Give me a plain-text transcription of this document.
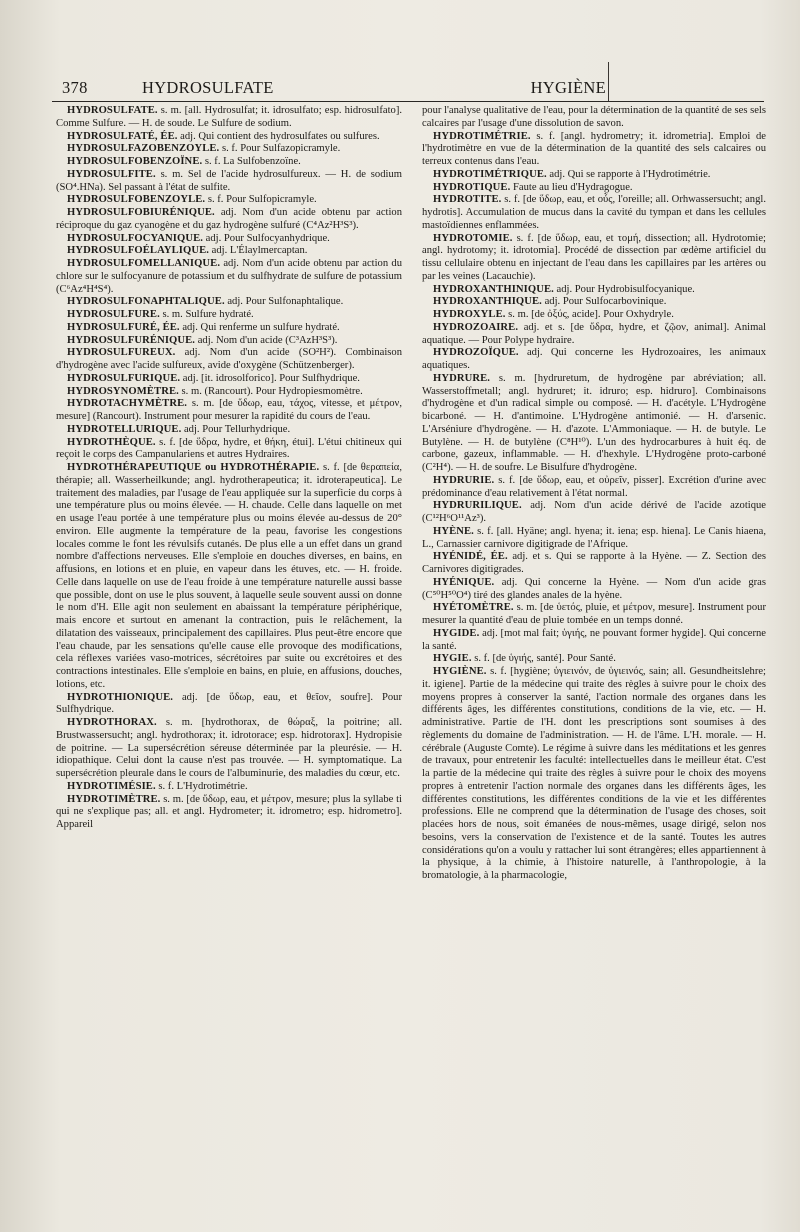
378	HYDROSULFATE	HYGIÈNE

HYDROSULFATE. s. m. [all. Hydrosulfat; it. idrosulfato; esp. hidrosulfato]. Comme Sulfure. — H. de soude. Le Sulfure de sodium.

HYDROSULFATÉ, ÉE. adj. Qui contient des hydrosulfates ou sulfures.

HYDROSULFAZOBENZOYLE. s. f. Pour Sulfazopicramyle.

HYDROSULFOBENZOÏNE. s. f. La Sulfobenzoïne.

HYDROSULFITE. s. m. Sel de l'acide hydrosulfureux. — H. de sodium (SO⁴.HNa). Sel passant à l'état de sulfite.

HYDROSULFOBENZOYLE. s. f. Pour Sulfopicramyle.

HYDROSULFOBIURÉNIQUE. adj. Nom d'un acide obtenu par action réciproque du gaz cyanogène et du gaz hydrogène sulfuré (C⁴Az²H³S³).

HYDROSULFOCYANIQUE. adj. Pour Sulfocyanhydrique.

HYDROSULFOÉLAYLIQUE. adj. L'Élaylmercaptan.

HYDROSULFOMELLANIQUE. adj. Nom d'un acide obtenu par action du chlore sur le sulfocyanure de potassium et du sulfhydrate de sulfure de potassium (C⁶Az⁴H⁴S⁴).

HYDROSULFONAPHTALIQUE. adj. Pour Sulfonaphtalique.

HYDROSULFURE. s. m. Sulfure hydraté.

HYDROSULFURÉ, ÉE. adj. Qui renferme un sulfure hydraté.

HYDROSULFURÉNIQUE. adj. Nom d'un acide (C³AzH³S³).

HYDROSULFUREUX. adj. Nom d'un acide (SO²H²). Combinaison d'hydrogène avec l'acide sulfureux, avide d'oxygène (Schützenberger).

HYDROSULFURIQUE. adj. [it. idrosolforico]. Pour Sulfhydrique.

HYDROSYNOMÈTRE. s. m. (Rancourt). Pour Hydropiesmomètre.

HYDROTACHYMÈTRE. s. m. [de ὕδωρ, eau, τάχος, vitesse, et μέτρον, mesure] (Rancourt). Instrument pour mesurer la rapidité du cours de l'eau.

HYDROTELLURIQUE. adj. Pour Tellurhydrique.

HYDROTHÈQUE. s. f. [de ὕδρα, hydre, et θήκη, étui]. L'étui chitineux qui reçoit le corps des Campanulariens et autres Hydraires.

HYDROTHÉRAPEUTIQUE ou HYDROTHÉRAPIE. s. f. [de θεραπεία, thérapie; all. Wasserheilkunde; angl. hydrotherapeutica; it. idroterapeutica]. Le traitement des maladies, par l'usage de l'eau appliquée sur la superficie du corps à une température plus ou moins élevée. — H. chaude. Celle dans laquelle on met en usage l'eau portée à une température plus ou moins élevée au-dessus de 20° environ. Elle augmente la température de la peau, favorise les congestions locales comme le font les révulsifs cutanés. De plus elle a un effet dans un grand nombre d'affections nerveuses. Elle s'emploie en douches diverses, en bains, en affusions, en lotions et en pluie, en vapeur dans les étuves, etc. — H. froide. Celle dans laquelle on use de l'eau froide à une température naturelle aussi basse que possible, dont on use le plus souvent, à laquelle seule souvent aussi on donne le nom d'H. Elle agit non seulement en abaissant la température périphérique, mais encore et surtout en amenant la contraction, puis le relâchement, la dilatation des vaisseaux, principalement des capillaires. Plus peut-être encore que l'eau chaude, par les sensations qu'elle cause elle provoque des modifications, cela réflexes variées vaso-motrices, sécrétoires par suite ou excrétoires et des contractions intestinales. Elle s'emploie en bains, en pluie, en affusions, douches, lotions, etc.

HYDROTHIONIQUE. adj. [de ὕδωρ, eau, et θεῖον, soufre]. Pour Sulfhydrique.

HYDROTHORAX. s. m. [hydrothorax, de θώραξ, la poitrine; all. Brustwassersucht; angl. hydrothorax; it. idrotorace; esp. hidrotorax]. Hydropisie de poitrine. — La supersécrétion séreuse déterminée par la pleurésie. — H. idiopathique. Celui dont la cause n'est pas trouvée. — H. symptomatique. La supersécrétion pleurale dans le cours de l'albuminurie, des maladies du cœur, etc.

HYDROTIMÉSIE. s. f. L'Hydrotimétrie.

HYDROTIMÈTRE. s. m. [de ὕδωρ, eau, et μέτρον, mesure; plus la syllabe ti qui ne s'explique pas; all. et angl. Hydrometer; it. idrometro; esp. hidrometro]. Appareil

pour l'analyse qualitative de l'eau, pour la détermination de la quantité de ses sels calcaires par l'usage d'une dissolution de savon.

HYDROTIMÉTRIE. s. f. [angl. hydrometry; it. idrometria]. Emploi de l'hydrotimètre en vue de la détermination de la quantité des sels calcaires ou terreux contenus dans l'eau.

HYDROTIMÉTRIQUE. adj. Qui se rapporte à l'Hydrotimétrie.

HYDROTIQUE. Faute au lieu d'Hydragogue.

HYDROTITE. s. f. [de ὕδωρ, eau, et οὖς, l'oreille; all. Orhwassersucht; angl. hydrotis]. Accumulation de mucus dans la cavité du tympan et dans les cellules mastoïdiennes enflammées.

HYDROTOMIE. s. f. [de ὕδωρ, eau, et τομή, dissection; all. Hydrotomie; angl. hydrotomy; it. idrotomia]. Procédé de dissection par œdème artificiel du tissu cellulaire obtenu en injectant de l'eau dans les capillaires par les artères ou par les veines (Lacauchie).

HYDROXANTHINIQUE. adj. Pour Hydrobisulfocyanique.

HYDROXANTHIQUE. adj. Pour Sulfocarbovinique.

HYDROXYLE. s. m. [de ὀξύς, acide]. Pour Oxhydryle.

HYDROZOAIRE. adj. et s. [de ὕδρα, hydre, et ζῷον, animal]. Animal aquatique. — Pour Polype hydraire.

HYDROZOÏQUE. adj. Qui concerne les Hydrozoaires, les animaux aquatiques.

HYDRURE. s. m. [hydruretum, de hydrogène par abréviation; all. Wasserstoffmetall; angl. hydruret; it. idruro; esp. hidruro]. Combinaisons d'hydrogène et d'un radical simple ou composé. — H. d'acétyle. L'Hydrogène bicarboné. — H. d'antimoine. L'Hydrogène antimonié. — H. d'arsenic. L'Arséniure d'hydrogène. — H. d'azote. L'Ammoniaque. — H. de butyle. Le Butylène. — H. de butylène (C⁸H¹⁰). L'un des hydrocarbures à huit éq. de carbone, gazeux, inflammable. — H. d'hexhyle. L'Hydrogène proto-carboné (C²H⁴). — H. de soufre. Le Bisulfure d'hydrogène.

HYDRURIE. s. f. [de ὕδωρ, eau, et οὐρεῖν, pisser]. Excrétion d'urine avec prédominance d'eau relativement à l'état normal.

HYDRURILIQUE. adj. Nom d'un acide dérivé de l'acide azotique (C¹²H⁶O¹¹Az³).

HYÈNE. s. f. [all. Hyäne; angl. hyena; it. iena; esp. hiena]. Le Canis hiaena, L., Carnassier carnivore digitigrade de l'Afrique.

HYÉNIDÉ, ÉE. adj. et s. Qui se rapporte à la Hyène. — Z. Section des Carnivores digitigrades.

HYÉNIQUE. adj. Qui concerne la Hyène. — Nom d'un acide gras (C⁵⁰H⁵⁰O⁴) tiré des glandes anales de la hyène.

HYÉTOMÈTRE. s. m. [de ὑετός, pluie, et μέτρον, mesure]. Instrument pour mesurer la quantité d'eau de pluie tombée en un temps donné.

HYGIDE. adj. [mot mal fait; ὑγιής, ne pouvant former hygide]. Qui concerne la santé.

HYGIE. s. f. [de ὑγιής, santé]. Pour Santé.

HYGIÈNE. s. f. [hygiène; ὑγιεινόν, de ὑγιεινός, sain; all. Gesundheitslehre; it. igiene]. Partie de la médecine qui traite des règles à suivre pour le choix des moyens propres à conserver la santé, l'action normale des organes dans les différents âges, les différentes constitutions, conditions de la vie, etc. — H. administrative. Partie de l'H. dont les prescriptions sont soumises à des règlements du domaine de l'administration. — H. de l'âme. L'H. morale. — H. cérébrale (Auguste Comte). Le régime à suivre dans les méditations et les genres de travaux, pour entretenir les faculté: intellectuelles dans le meilleur état. C'est la partie de la médecine qui traite des règles à suivre pour le choix des moyens propres à entretenir l'action normale des organes dans les différents âges, les différentes constitutions, les différentes conditions de la vie et les différentes professions. Elle ne comprend que la détermination de l'usage des choses, soit placées hors de nous, soit émanées de nous-mêmes, usage dirigé, selon nos besoins, vers la conservation de l'existence et de la santé. Toutes les autres considérations qu'on a voulu y rattacher lui sont étrangères; elles appartiennent à la physique, à la chimie, à l'histoire naturelle, à l'anthropologie, à la bromatologie, à la pharmacologie,
